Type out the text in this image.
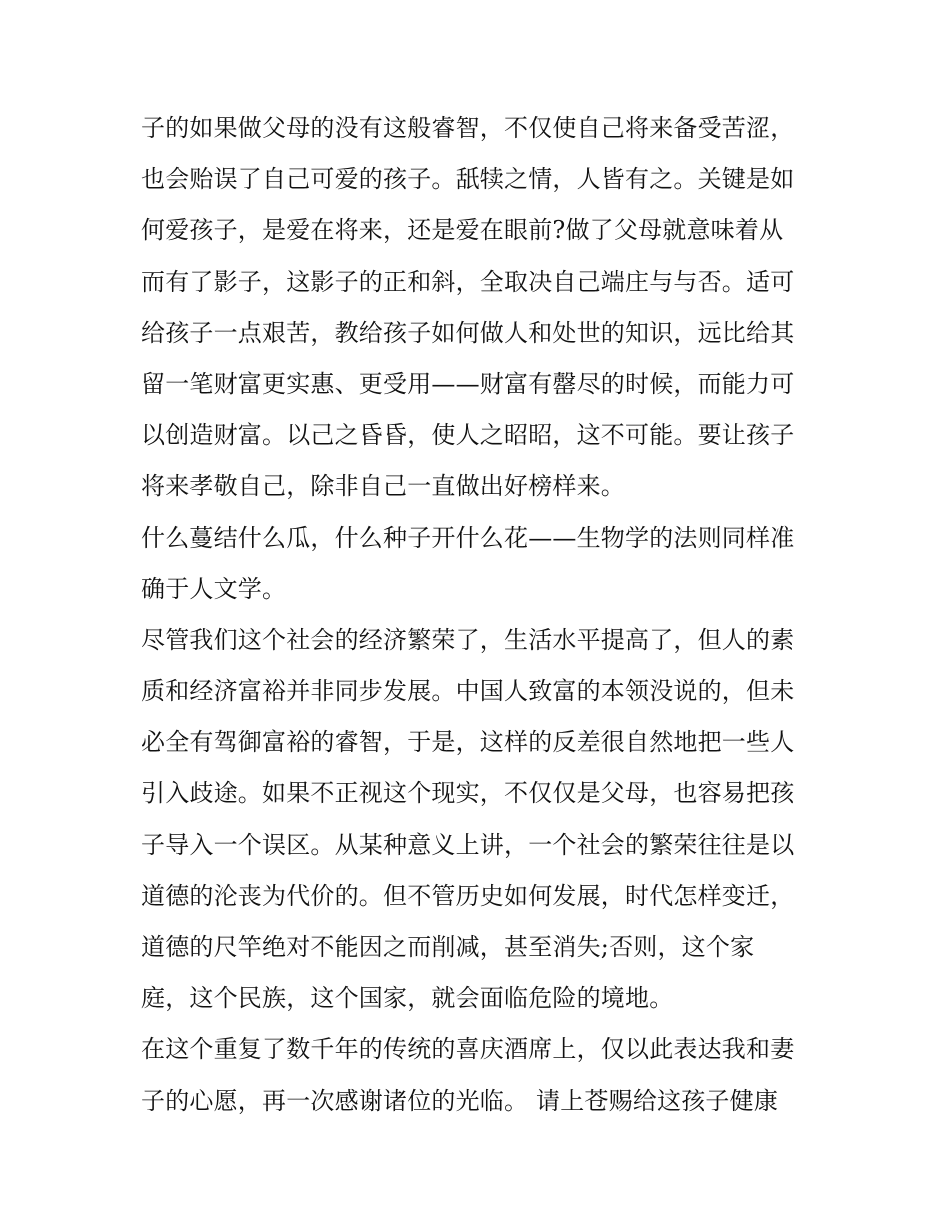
子的如果做父母的没有这般睿智，不仅使自己将来备受苦涩，
也会贻误了自己可爱的孩子。舐犊之情，人皆有之。关键是如
何爱孩子，是爱在将来，还是爱在眼前?做了父母就意味着从
而有了影子，这影子的正和斜，全取决自己端庄与与否。适可
给孩子一点艰苦，教给孩子如何做人和处世的知识，远比给其
留一笔财富更实惠、更受用——财富有罄尽的时候，而能力可
以创造财富。以己之昏昏，使人之昭昭，这不可能。要让孩子
将来孝敬自己，除非自己一直做出好榜样来。
什么蔓结什么瓜，什么种子开什么花——生物学的法则同样准
确于人文学。
尽管我们这个社会的经济繁荣了，生活水平提高了，但人的素
质和经济富裕并非同步发展。中国人致富的本领没说的，但未
必全有驾御富裕的睿智，于是，这样的反差很自然地把一些人
引入歧途。如果不正视这个现实，不仅仅是父母，也容易把孩
子导入一个误区。从某种意义上讲，一个社会的繁荣往往是以
道德的沦丧为代价的。但不管历史如何发展，时代怎样变迁，
道德的尺竿绝对不能因之而削减，甚至消失;否则，这个家
庭，这个民族，这个国家，就会面临危险的境地。
在这个重复了数千年的传统的喜庆酒席上，仅以此表达我和妻
子的心愿，再一次感谢诸位的光临。 请上苍赐给这孩子健康
